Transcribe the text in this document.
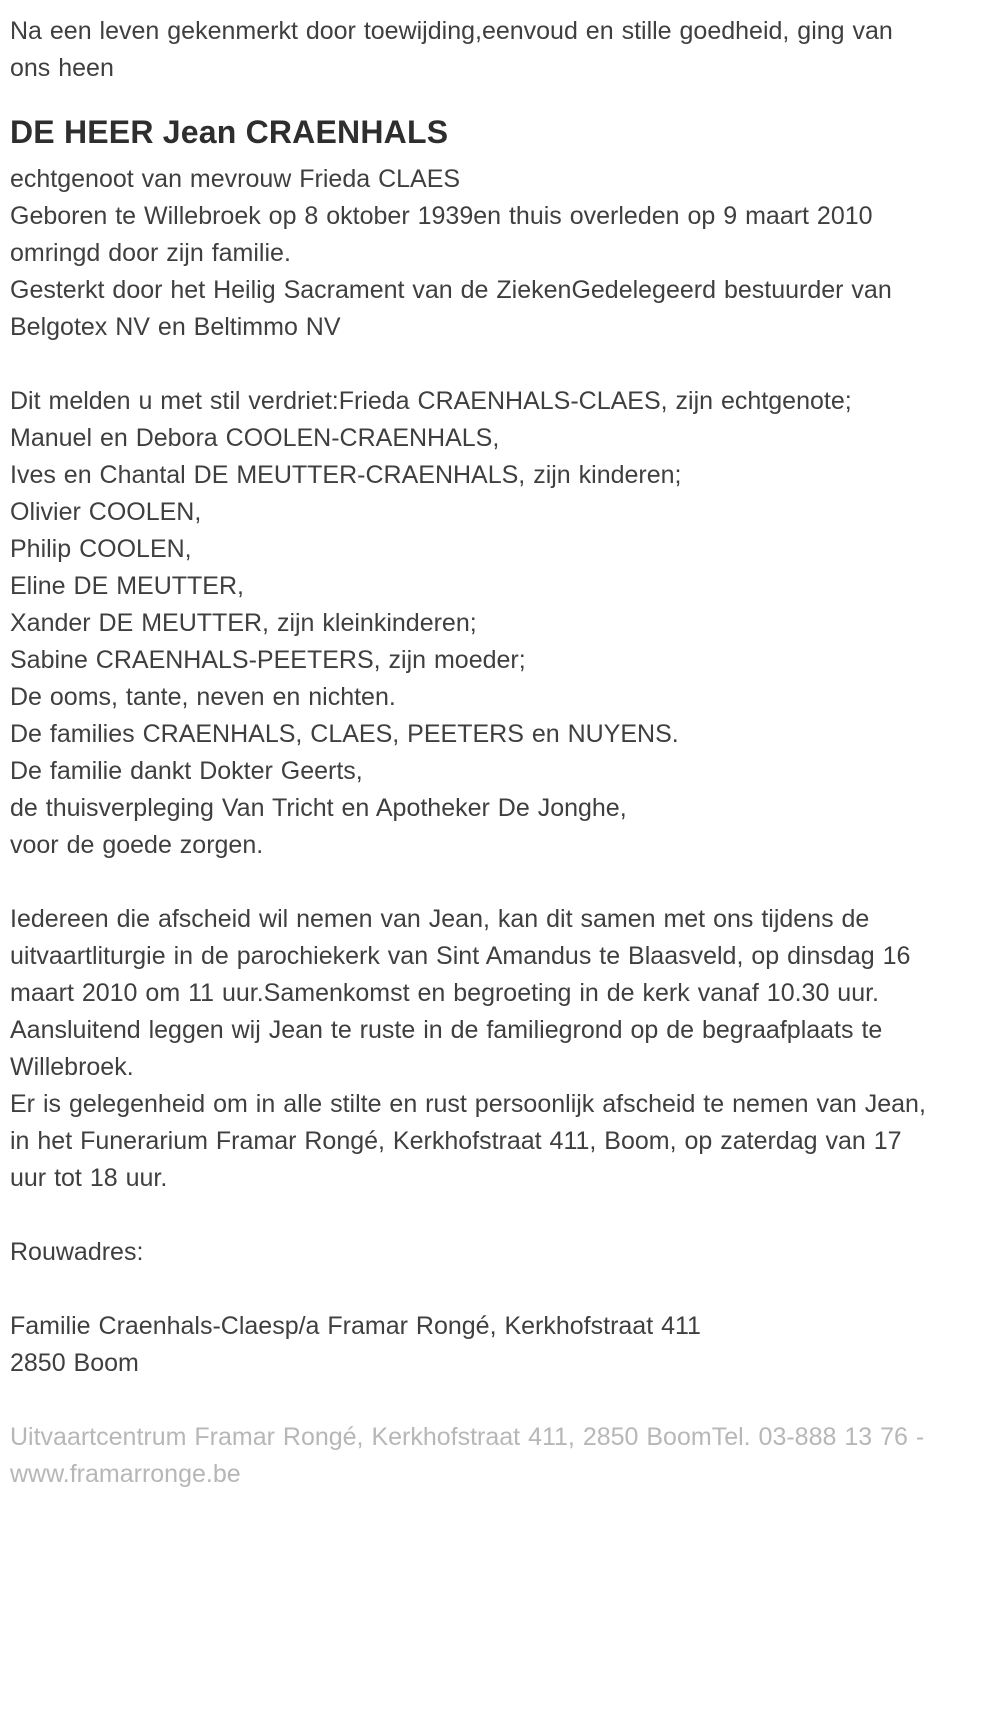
Na een leven gekenmerkt door toewijding,eenvoud en stille goedheid, ging van ons heen
DE HEER Jean CRAENHALS
echtgenoot van mevrouw Frieda CLAES
Geboren te Willebroek op 8 oktober 1939en thuis overleden op 9 maart 2010
omringd door zijn familie.
Gesterkt door het Heilig Sacrament van de ZiekenGedelegeerd bestuurder van Belgotex NV en Beltimmo NV
Dit melden u met stil verdriet:Frieda CRAENHALS-CLAES, zijn echtgenote;
Manuel en Debora COOLEN-CRAENHALS,
Ives en Chantal DE MEUTTER-CRAENHALS, zijn kinderen;
Olivier COOLEN,
Philip COOLEN,
Eline DE MEUTTER,
Xander DE MEUTTER, zijn kleinkinderen;
Sabine CRAENHALS-PEETERS, zijn moeder;
De ooms, tante, neven en nichten.
De families CRAENHALS, CLAES, PEETERS en NUYENS.
De familie dankt Dokter Geerts,
de thuisverpleging Van Tricht en Apotheker De Jonghe,
voor de goede zorgen.
Iedereen die afscheid wil nemen van Jean, kan dit samen met ons tijdens de uitvaartliturgie in de parochiekerk van Sint Amandus te Blaasveld, op dinsdag 16 maart 2010 om 11 uur.Samenkomst en begroeting in de kerk vanaf 10.30 uur.
Aansluitend leggen wij Jean te ruste in de familiegrond op de begraafplaats te Willebroek.
Er is gelegenheid om in alle stilte en rust persoonlijk afscheid te nemen van Jean, in het Funerarium Framar Rongé, Kerkhofstraat 411, Boom, op zaterdag van 17 uur tot 18 uur.
Rouwadres:
Familie Craenhals-Claesp/a Framar Rongé, Kerkhofstraat 411
2850 Boom
Uitvaartcentrum Framar Rongé, Kerkhofstraat 411, 2850 BoomTel. 03-888 13 76 - www.framarronge.be
